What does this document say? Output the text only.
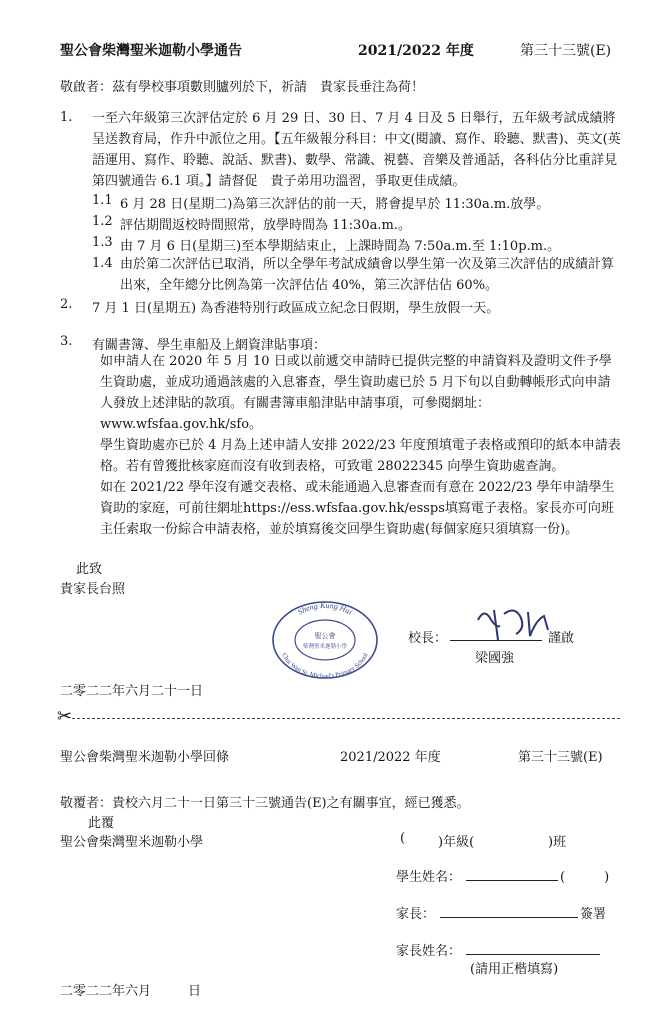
聖公會柴灣聖米迦勒小學通告	2021/2022 年度	第三十三號(E)
敬啟者：茲有學校事項數則臚列於下，祈請　貴家長垂注為荷！
1. 一至六年級第三次評估定於 6 月 29 日、30 日、7 月 4 日及 5 日舉行，五年級考試成績將呈送教育局，作升中派位之用。【五年級報分科目：中文(閱讀、寫作、聆聽、默書)、英文(英語運用、寫作、聆聽、說話、默書)、數學、常識、視藝、音樂及普通話，各科佔分比重詳見第四號通告 6.1 項。】請督促　貴子弟用功溫習，爭取更佳成績。
1.1 6 月 28 日(星期二)為第三次評估的前一天，將會提早於 11:30a.m.放學。
1.2 評估期間返校時間照常，放學時間為 11:30a.m.。
1.3 由 7 月 6 日(星期三)至本學期結束止，上課時間為 7:50a.m.至 1:10p.m.。
1.4 由於第二次評估已取消，所以全學年考試成績會以學生第一次及第三次評估的成績計算出來，全年總分比例為第一次評估佔 40%，第三次評估佔 60%。
2. 7 月 1 日(星期五) 為香港特別行政區成立紀念日假期，學生放假一天。
3. 有關書簿、學生車船及上網資津貼事項：
如申請人在 2020 年 5 月 10 日或以前遞交申請時已提供完整的申請資料及證明文件予學生資助處，並成功通過該處的入息審查，學生資助處已於 5 月下旬以自動轉帳形式向申請人發放上述津貼的款項。有關書簿車船津貼申請事項，可參閱網址：www.wfsfaa.gov.hk/sfo。
學生資助處亦已於 4 月為上述申請人安排 2022/23 年度預填電子表格或預印的紙本申請表格。若有曾獲批核家庭而沒有收到表格，可致電 28022345 向學生資助處查詢。
如在 2021/22 學年沒有遞交表格、或未能通過入息審查而有意在 2022/23 學年申請學生資助的家庭，可前往網址https://ess.wfsfaa.gov.hk/essps填寫電子表格。家長亦可向班主任索取一份綜合申請表格，並於填寫後交回學生資助處(每個家庭只須填寫一份)。
此致
貴家長台照
Sheng Kung Hui
Chai Wan St. Michael's Primary School
聖公會
柴灣聖米迦勒小學
校長：	謹啟
梁國強
二零二二年六月二十一日
✂
聖公會柴灣聖米迦勒小學回條	2021/2022 年度	第三十三號(E)
敬覆者：貴校六月二十一日第三十三號通告(E)之有關事宜，經已獲悉。
此覆
聖公會柴灣聖米迦勒小學	(	)年級(	)班
學生姓名：	(　　　)
家長：	簽署
家長姓名：
(請用正楷填寫)
二零二二年六月	日
